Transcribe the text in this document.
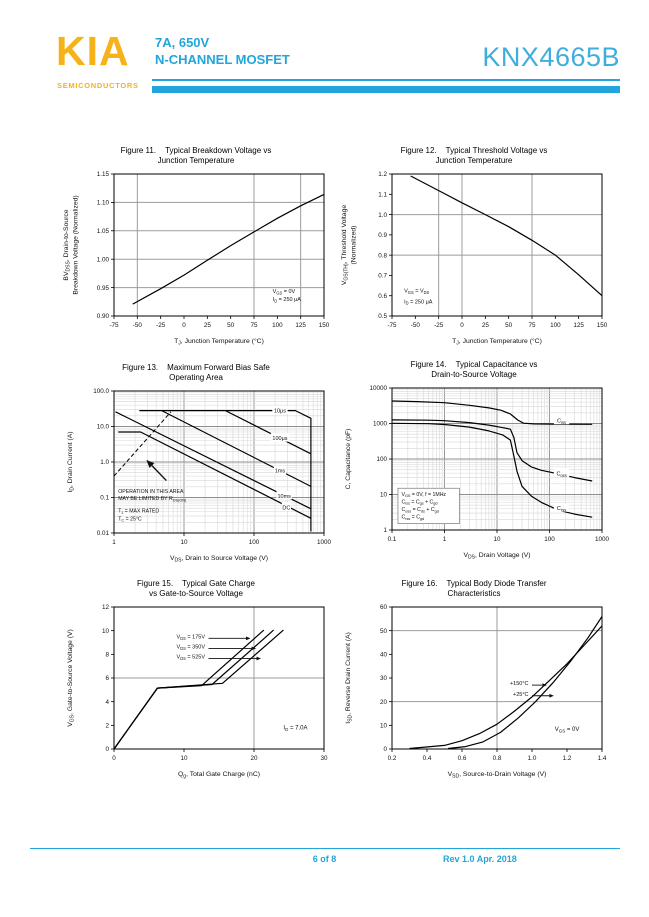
KIA
SEMICONDUCTORS
7A, 650V
N-CHANNEL MOSFET	KNX4665B
Figure 11. Typical Breakdown Voltage vs
Junction Temperature
$V_{GS} = 0V$
$I_D = 250$ μA
-75 -50 -25	0	25	50	75 100 125 150
0.90
0.95
1.00
1.05
1.10
1.15
$T_J$, Junction Temperature (°C)
$BV_{DSS}$, Drain-to-Source Breakdown Voltage (Normalized)
Figure 12. Typical Threshold Voltage vs
Junction Temperature
$V_{GS} = V_{DS}$
$I_D = 250$ μA
-75 -50 -25	0	25	50	75 100 125 150
0.5
0.6
0.7
0.8
0.9
1.0
1.1
1.2
$T_J$, Junction Temperature (°C)
$V_{GS(TH)}$, Threshold Voltage (Normalized)
Figure 13. Maximum Forward Bias Safe
Operating Area
10μs
100μs
1ms
10ms
DC
OPERATION IN THIS AREA
MAY BE LIMITED BY $R_{DS(ON)}$
$T_J$ = MAX RATED
$T_C = 25^\circ C$
1	10	100	1000
0.01
0.1
1.0
10.0
100.0
$V_{DS}$, Drain to Source Voltage (V)
$I_D$, Drain Current (A)
Figure 14. Typical Capacitance vs
Drain-to-Source Voltage
$V_{GS} = 0V$, f = 1MHz
$C_{iss} = C_{gs} + C_{gd}$
$C_{oss} = C_{ds} + C_{gd}$
$C_{rss} = C_{gd}$
$C_{iss}$
$C_{oss}$
$C_{rss}$
0.1	1	10	100	1000
1
10
100
1000
10000
$V_{DS}$, Drain Voltage (V)
C, Capacitance (pF)
Figure 15. Typical Gate Charge
vs Gate-to-Source Voltage
$V_{DS} = 175V$
$V_{DS} = 350V$
$V_{DS} = 525V$
$I_D = 7.0A$
0	10	20	30
0
2
4
6
8
10
12
$Q_g$, Total Gate Charge (nC)
$V_{GS}$, Gate-to-Source Voltage (V)
Figure 16. Typical Body Diode Transfer
Characteristics
+150°C
+25°C
$V_{GS} = 0V$
0.2	0.4	0.6	0.8	1.0	1.2	1.4
0
10
20
30
40
50
60
$V_{SD}$, Source-to-Drain Voltage (V)
$I_{SD}$, Reverse Drain Current (A)
6 of 8	Rev 1.0 Apr. 2018
